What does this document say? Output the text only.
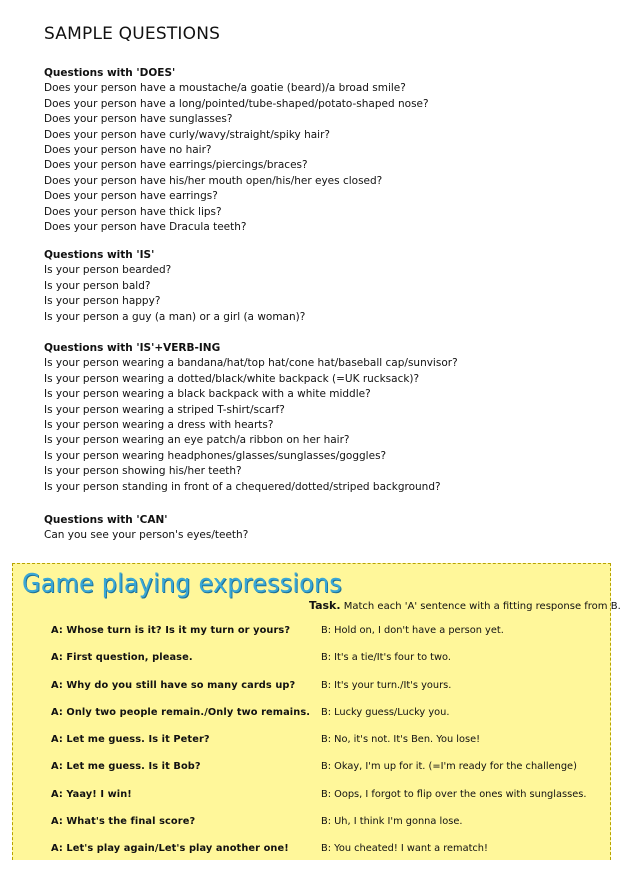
SAMPLE QUESTIONS
Questions with 'DOES'
Does your person have a moustache/a goatie (beard)/a broad smile?
Does your person have a long/pointed/tube-shaped/potato-shaped nose?
Does your person have sunglasses?
Does your person have curly/wavy/straight/spiky hair?
Does your person have no hair?
Does your person have earrings/piercings/braces?
Does your person have his/her mouth open/his/her eyes closed?
Does your person have earrings?
Does your person have thick lips?
Does your person have Dracula teeth?
Questions with 'IS'
Is your person bearded?
Is your person bald?
Is your person happy?
Is your person a guy (a man) or a girl (a woman)?
Questions with 'IS'+VERB-ING
Is your person wearing a bandana/hat/top hat/cone hat/baseball cap/sunvisor?
Is your person wearing a dotted/black/white backpack (=UK rucksack)?
Is your person wearing a black backpack with a white middle?
Is your person wearing a striped T-shirt/scarf?
Is your person wearing a dress with hearts?
Is your person wearing an eye patch/a ribbon on her hair?
Is your person wearing headphones/glasses/sunglasses/goggles?
Is your person showing his/her teeth?
Is your person standing in front of a chequered/dotted/striped background?
Questions with 'CAN'
Can you see your person's eyes/teeth?
Game playing expressions
Task. Match each 'A' sentence with a fitting response from B.
A: Whose turn is it? Is it my turn or yours?
A: First question, please.
A: Why do you still have so many cards up?
A: Only two people remain./Only two remains.
A: Let me guess. Is it Peter?
A: Let me guess. Is it Bob?
A: Yaay! I win!
A: What's the final score?
A: Let's play again/Let's play another one!
B: Hold on, I don't have a person yet.
B: It's a tie/It's four to two.
B: It's your turn./It's yours.
B: Lucky guess/Lucky you.
B: No, it's not. It's Ben. You lose!
B: Okay, I'm up for it. (=I'm ready for the challenge)
B: Oops, I forgot to flip over the ones with sunglasses.
B: Uh, I think I'm gonna lose.
B: You cheated! I want a rematch!
